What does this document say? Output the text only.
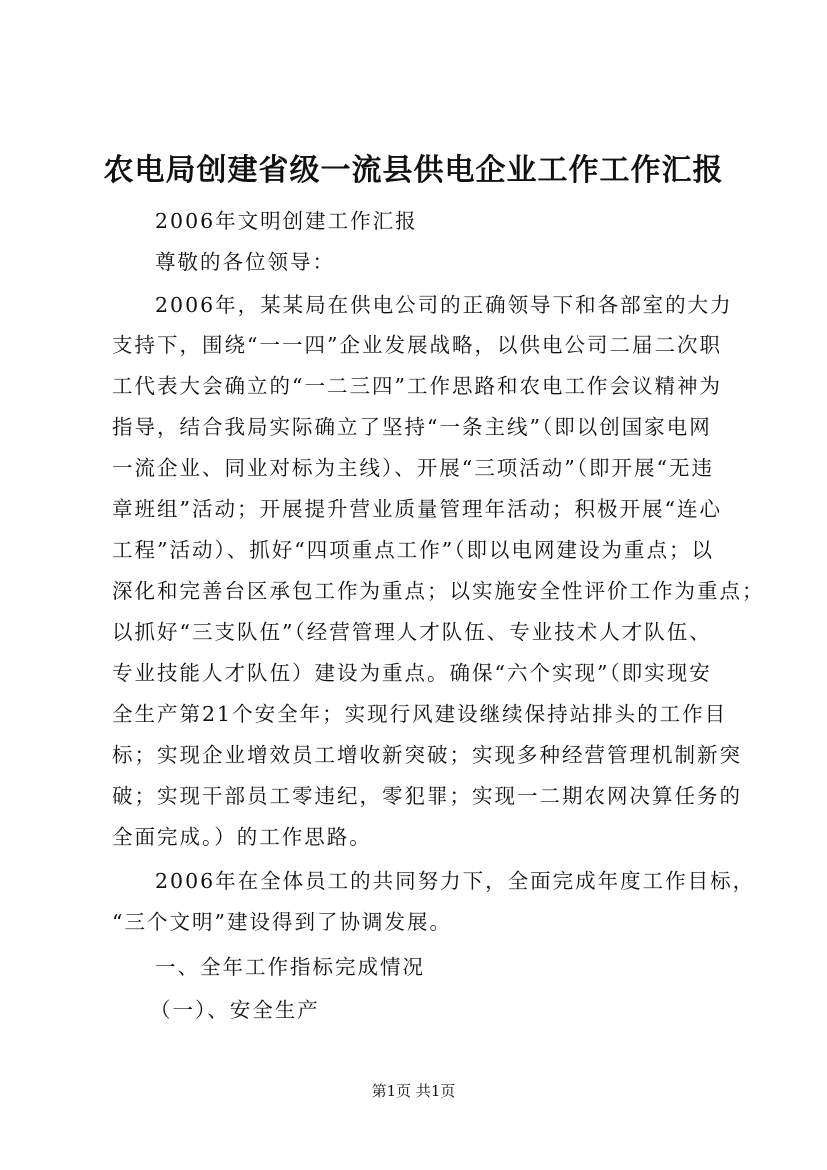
农电局创建省级一流县供电企业工作工作汇报
2006年文明创建工作汇报
尊敬的各位领导：
2006年，某某局在供电公司的正确领导下和各部室的大力
支持下，围绕“一一四”企业发展战略，以供电公司二届二次职
工代表大会确立的“一二三四”工作思路和农电工作会议精神为
指导，结合我局实际确立了坚持“一条主线”（即以创国家电网
一流企业、同业对标为主线）、开展“三项活动”（即开展“无违
章班组”活动；开展提升营业质量管理年活动；积极开展“连心
工程”活动）、抓好“四项重点工作”（即以电网建设为重点；以
深化和完善台区承包工作为重点；以实施安全性评价工作为重点；
以抓好“三支队伍”（经营管理人才队伍、专业技术人才队伍、
专业技能人才队伍）建设为重点。确保“六个实现”（即实现安
全生产第21个安全年；实现行风建设继续保持站排头的工作目
标；实现企业增效员工增收新突破；实现多种经营管理机制新突
破；实现干部员工零违纪，零犯罪；实现一二期农网决算任务的
全面完成。）的工作思路。
2006年在全体员工的共同努力下，全面完成年度工作目标，
“三个文明”建设得到了协调发展。
一、全年工作指标完成情况
（一）、安全生产
第1页 共1页
